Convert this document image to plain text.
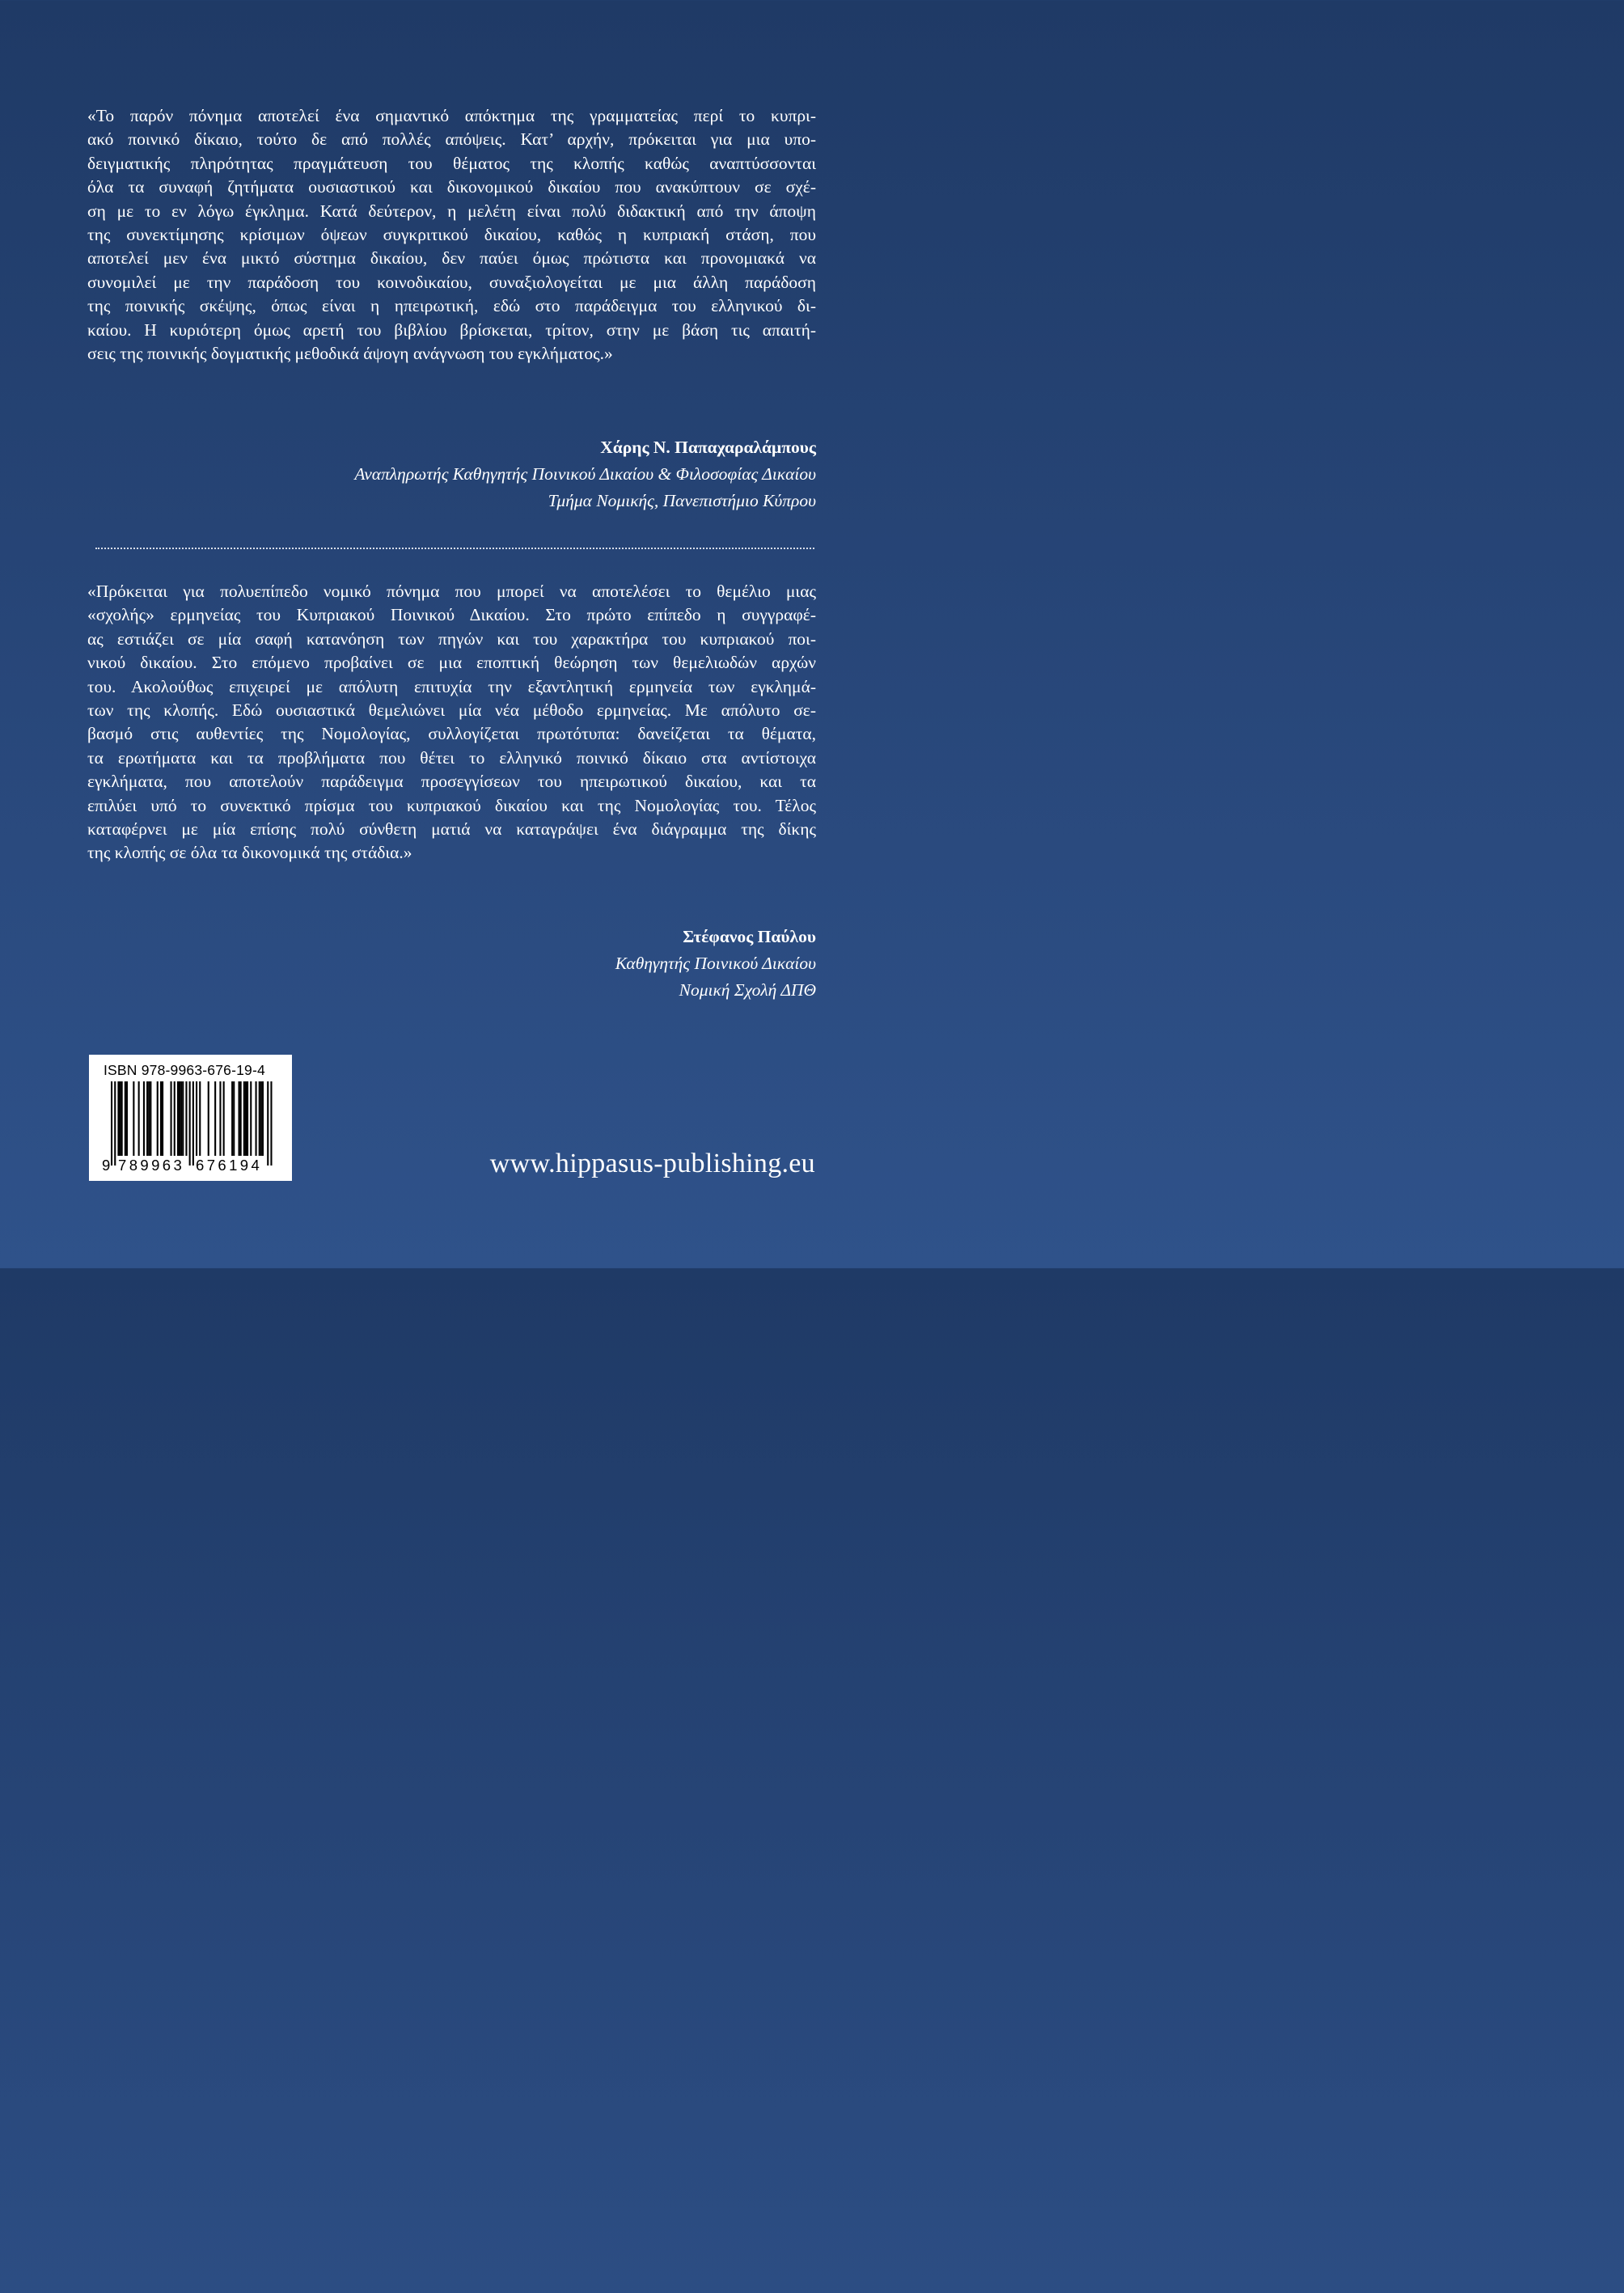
«Το παρόν πόνημα αποτελεί ένα σημαντικό απόκτημα της γραμματείας περί το κυπρι-
ακό ποινικό δίκαιο, τούτο δε από πολλές απόψεις. Κατ’ αρχήν, πρόκειται για μια υπο-
δειγματικής πληρότητας πραγμάτευση του θέματος της κλοπής καθώς αναπτύσσονται
όλα τα συναφή ζητήματα ουσιαστικού και δικονομικού δικαίου που ανακύπτουν σε σχέ-
ση με το εν λόγω έγκλημα. Κατά δεύτερον, η μελέτη είναι πολύ διδακτική από την άποψη
της συνεκτίμησης κρίσιμων όψεων συγκριτικού δικαίου, καθώς η κυπριακή στάση, που
αποτελεί μεν ένα μικτό σύστημα δικαίου, δεν παύει όμως πρώτιστα και προνομιακά να
συνομιλεί με την παράδοση του κοινοδικαίου, συναξιολογείται με μια άλλη παράδοση
της ποινικής σκέψης, όπως είναι η ηπειρωτική, εδώ στο παράδειγμα του ελληνικού δι-
καίου. Η κυριότερη όμως αρετή του βιβλίου βρίσκεται, τρίτον, στην με βάση τις απαιτή-
σεις της ποινικής δογματικής μεθοδικά άψογη ανάγνωση του εγκλήματος.»
Χάρης Ν. Παπαχαραλάμπους
Αναπληρωτής Καθηγητής Ποινικού Δικαίου & Φιλοσοφίας Δικαίου
Τμήμα Νομικής, Πανεπιστήμιο Κύπρου
«Πρόκειται για πολυεπίπεδο νομικό πόνημα που μπορεί να αποτελέσει το θεμέλιο μιας
«σχολής» ερμηνείας του Κυπριακού Ποινικού Δικαίου. Στο πρώτο επίπεδο η συγγραφέ-
ας εστιάζει σε μία σαφή κατανόηση των πηγών και του χαρακτήρα του κυπριακού ποι-
νικού δικαίου. Στο επόμενο προβαίνει σε μια εποπτική θεώρηση των θεμελιωδών αρχών
του. Ακολούθως επιχειρεί με απόλυτη επιτυχία την εξαντλητική ερμηνεία των εγκλημά-
των της κλοπής. Εδώ ουσιαστικά θεμελιώνει μία νέα μέθοδο ερμηνείας. Με απόλυτο σε-
βασμό στις αυθεντίες της Νομολογίας, συλλογίζεται πρωτότυπα: δανείζεται τα θέματα,
τα ερωτήματα και τα προβλήματα που θέτει το ελληνικό ποινικό δίκαιο στα αντίστοιχα
εγκλήματα, που αποτελούν παράδειγμα προσεγγίσεων του ηπειρωτικού δικαίου, και τα
επιλύει υπό το συνεκτικό πρίσμα του κυπριακού δικαίου και της Νομολογίας του. Τέλος
καταφέρνει με μία επίσης πολύ σύνθετη ματιά να καταγράψει ένα διάγραμμα της δίκης
της κλοπής σε όλα τα δικονομικά της στάδια.»
Στέφανος Παύλου
Καθηγητής Ποινικού Δικαίου
Νομική Σχολή ΔΠΘ
ISBN 978-9963-676-19-4
9 789963 676194	www.hippasus-publishing.eu
